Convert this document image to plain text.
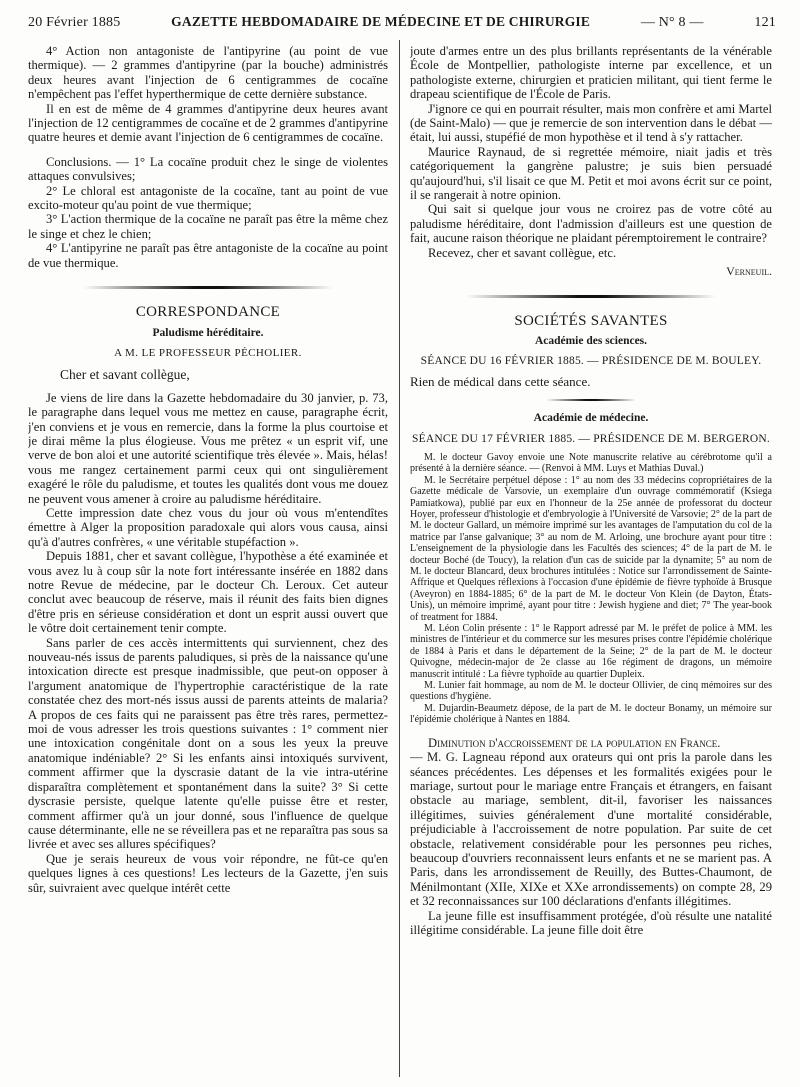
20 Février 1885	GAZETTE HEBDOMADAIRE DE MÉDECINE ET DE CHIRURGIE	— N° 8 —	121

4° Action non antagoniste de l'antipyrine (au point de vue thermique). — 2 grammes d'antipyrine (par la bouche) administrés deux heures avant l'injection de 6 centigrammes de cocaïne n'empêchent pas l'effet hyperthermique de cette dernière substance.

Il en est de même de 4 grammes d'antipyrine deux heures avant l'injection de 12 centigrammes de cocaïne et de 2 grammes d'antipyrine quatre heures et demie avant l'injection de 6 centigrammes de cocaïne.

Conclusions. — 1° La cocaïne produit chez le singe de violentes attaques convulsives;

2° Le chloral est antagoniste de la cocaïne, tant au point de vue excito-moteur qu'au point de vue thermique;

3° L'action thermique de la cocaïne ne paraît pas être la même chez le singe et chez le chien;

4° L'antipyrine ne paraît pas être antagoniste de la cocaïne au point de vue thermique.

CORRESPONDANCE
Paludisme héréditaire.
A M. LE PROFESSEUR PÉCHOLIER.

Cher et savant collègue,

Je viens de lire dans la Gazette hebdomadaire du 30 janvier, p. 73, le paragraphe dans lequel vous me mettez en cause, paragraphe écrit, j'en conviens et je vous en remercie, dans la forme la plus courtoise et je dirai même la plus élogieuse. Vous me prêtez « un esprit vif, une verve de bon aloi et une autorité scientifique très élevée ». Mais, hélas! vous me rangez certainement parmi ceux qui ont singulièrement exagéré le rôle du paludisme, et toutes les qualités dont vous me douez ne peuvent vous amener à croire au paludisme héréditaire.

Cette impression date chez vous du jour où vous m'entendîtes émettre à Alger la proposition paradoxale qui alors vous causa, ainsi qu'à d'autres confrères, « une véritable stupéfaction ».

Depuis 1881, cher et savant collègue, l'hypothèse a été examinée et vous avez lu à coup sûr la note fort intéressante insérée en 1882 dans notre Revue de médecine, par le docteur Ch. Leroux. Cet auteur conclut avec beaucoup de réserve, mais il réunit des faits bien dignes d'être pris en sérieuse considération et dont un esprit aussi ouvert que le vôtre doit certainement tenir compte.

Sans parler de ces accès intermittents qui surviennent, chez des nouveau-nés issus de parents paludiques, si près de la naissance qu'une intoxication directe est presque inadmissible, que peut-on opposer à l'argument anatomique de l'hypertrophie caractéristique de la rate constatée chez des mort-nés issus aussi de parents atteints de malaria? A propos de ces faits qui ne paraissent pas être très rares, permettez-moi de vous adresser les trois questions suivantes : 1° comment nier une intoxication congénitale dont on a sous les yeux la preuve anatomique indéniable? 2° Si les enfants ainsi intoxiqués survivent, comment affirmer que la dyscrasie datant de la vie intra-utérine disparaîtra complètement et spontanément dans la suite? 3° Si cette dyscrasie persiste, quelque latente qu'elle puisse être et rester, comment affirmer qu'à un jour donné, sous l'influence de quelque cause déterminante, elle ne se réveillera pas et ne reparaîtra pas sous sa livrée et avec ses allures spécifiques?

Que je serais heureux de vous voir répondre, ne fût-ce qu'en quelques lignes à ces questions! Les lecteurs de la Gazette, j'en suis sûr, suivraient avec quelque intérêt cette

joute d'armes entre un des plus brillants représentants de la vénérable École de Montpellier, pathologiste interne par excellence, et un pathologiste externe, chirurgien et praticien militant, qui tient ferme le drapeau scientifique de l'École de Paris.

J'ignore ce qui en pourrait résulter, mais mon confrère et ami Martel (de Saint-Malo) — que je remercie de son intervention dans le débat — était, lui aussi, stupéfié de mon hypothèse et il tend à s'y rattacher.

Maurice Raynaud, de si regrettée mémoire, niait jadis et très catégoriquement la gangrène palustre; je suis bien persuadé qu'aujourd'hui, s'il lisait ce que M. Petit et moi avons écrit sur ce point, il se rangerait à notre opinion.

Qui sait si quelque jour vous ne croirez pas de votre côté au paludisme héréditaire, dont l'admission d'ailleurs est une question de fait, aucune raison théorique ne plaidant péremptoirement le contraire?

Recevez, cher et savant collègue, etc.

Verneuil.
SOCIÉTÉS SAVANTES
Académie des sciences.

SÉANCE DU 16 FÉVRIER 1885. — PRÉSIDENCE DE M. BOULEY.

Rien de médical dans cette séance.

Académie de médecine.

SÉANCE DU 17 FÉVRIER 1885. — PRÉSIDENCE DE M. BERGERON.

M. le docteur Gavoy envoie une Note manuscrite relative au cérébrotome qu'il a présenté à la dernière séance. — (Renvoi à MM. Luys et Mathias Duval.)

M. le Secrétaire perpétuel dépose : 1° au nom des 33 médecins copropriétaires de la Gazette médicale de Varsovie, un exemplaire d'un ouvrage commémoratif (Ksiega Pamiatkowa), publié par eux en l'honneur de la 25e année de professorat du docteur Hoyer, professeur d'histologie et d'embryologie à l'Université de Varsovie; 2° de la part de M. le docteur Gallard, un mémoire imprimé sur les avantages de l'amputation du col de la matrice par l'anse galvanique; 3° au nom de M. Arloing, une brochure ayant pour titre : L'enseignement de la physiologie dans les Facultés des sciences; 4° de la part de M. le docteur Boché (de Toucy), la relation d'un cas de suicide par la dynamite; 5° au nom de M. le docteur Blancard, deux brochures intitulées : Notice sur l'arrondissement de Sainte-Affrique et Quelques réflexions à l'occasion d'une épidémie de fièvre typhoïde à Brusque (Aveyron) en 1884-1885; 6° de la part de M. le docteur Von Klein (de Dayton, États-Unis), un mémoire imprimé, ayant pour titre : Jewish hygiene and diet; 7° The year-book of treatment for 1884.

M. Léon Colin présente : 1° le Rapport adressé par M. le préfet de police à MM. les ministres de l'intérieur et du commerce sur les mesures prises contre l'épidémie cholérique de 1884 à Paris et dans le département de la Seine; 2° de la part de M. le docteur Quivogne, médecin-major de 2e classe au 16e régiment de dragons, un mémoire manuscrit intitulé : La fièvre typhoïde au quartier Dupleix.

M. Lunier fait hommage, au nom de M. le docteur Ollivier, de cinq mémoires sur des questions d'hygiène.

M. Dujardin-Beaumetz dépose, de la part de M. le docteur Bonamy, un mémoire sur l'épidémie cholérique à Nantes en 1884.

Diminution d'accroissement de la population en France.

— M. G. Lagneau répond aux orateurs qui ont pris la parole dans les séances précédentes. Les dépenses et les formalités exigées pour le mariage, surtout pour le mariage entre Français et étrangers, en faisant obstacle au mariage, semblent, dit-il, favoriser les naissances illégitimes, suivies généralement d'une mortalité considérable, préjudiciable à l'accroissement de notre population. Par suite de cet obstacle, relativement considérable pour les personnes peu riches, beaucoup d'ouvriers reconnaissent leurs enfants et ne se marient pas. A Paris, dans les arrondissement de Reuilly, des Buttes-Chaumont, de Ménilmontant (XIIe, XIXe et XXe arrondissements) on compte 28, 29 et 32 reconnaissances sur 100 déclarations d'enfants illégitimes.

La jeune fille est insuffisamment protégée, d'où résulte une natalité illégitime considérable. La jeune fille doit être
